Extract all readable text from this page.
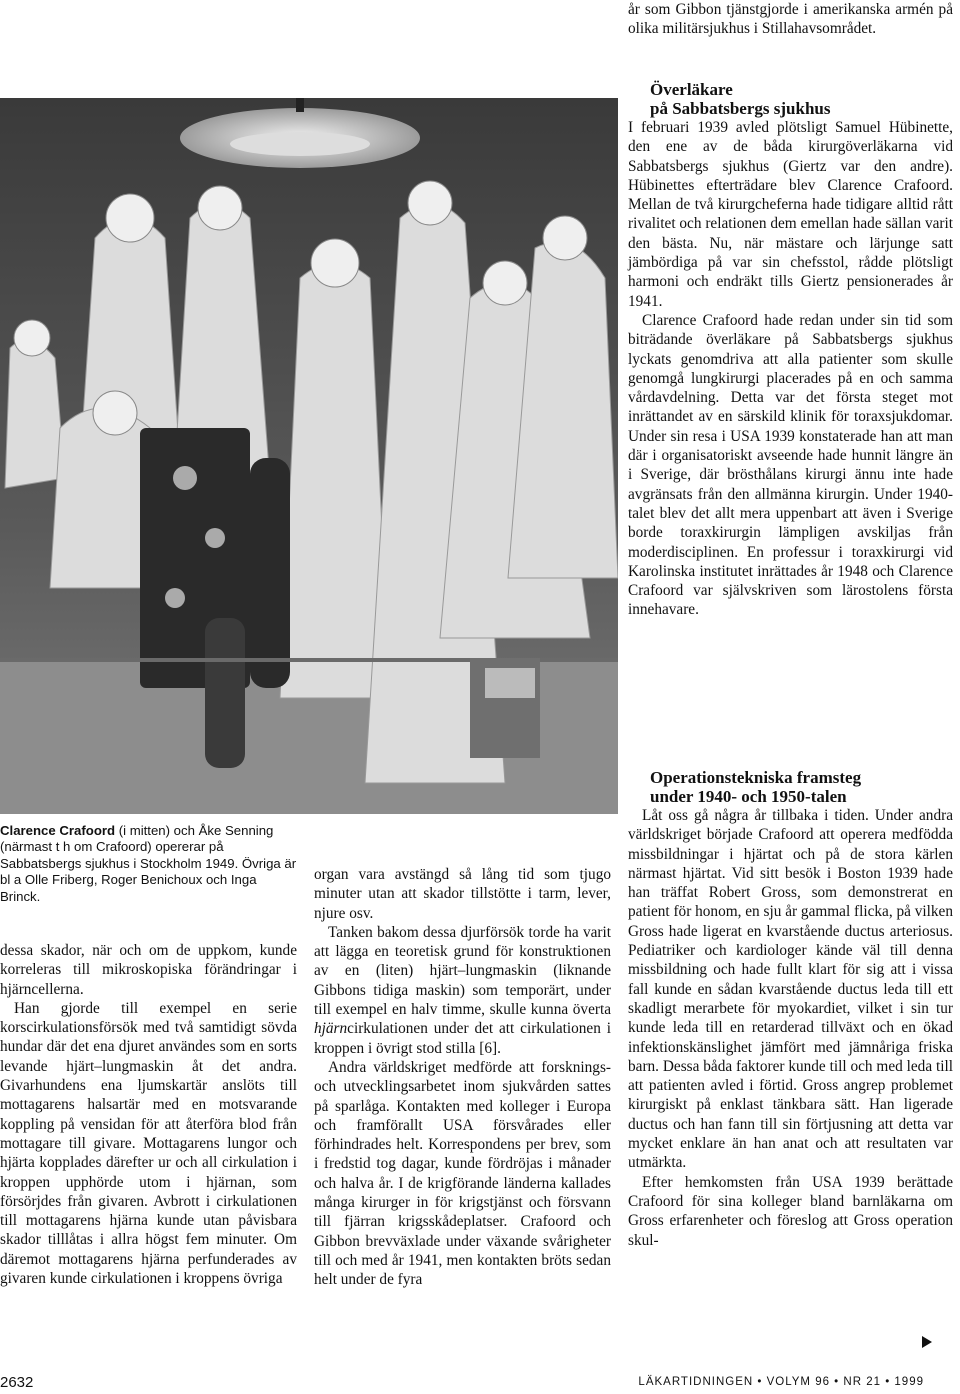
år som Gibbon tjänstgjorde i amerikanska armén på olika militärsjukhus i Stillahavsområdet.

Överläkare
på Sabbatsbergs sjukhus

I februari 1939 avled plötsligt Samuel Hübinette, den ene av de båda kirurgöverläkarna vid Sabbatsbergs sjukhus (Giertz var den andre). Hübinettes efterträdare blev Clarence Crafoord. Mellan de två kirurgcheferna hade tidigare alltid rått rivalitet och relationen dem emellan hade sällan varit den bästa. Nu, när mästare och lärjunge satt jämbördiga på var sin chefsstol, rådde plötsligt harmoni och endräkt tills Giertz pensionerades år 1941.

Clarence Crafoord hade redan under sin tid som biträdande överläkare på Sabbatsbergs sjukhus lyckats genomdriva att alla patienter som skulle genomgå lungkirurgi placerades på en och samma vårdavdelning. Detta var det första steget mot inrättandet av en särskild klinik för toraxsjukdomar. Under sin resa i USA 1939 konstaterade han att man där i organisatoriskt avseende hade hunnit längre än i Sverige, där brösthålans kirurgi ännu inte hade avgränsats från den allmänna kirurgin. Under 1940-talet blev det allt mera uppenbart att även i Sverige borde toraxkirurgin lämpligen avskiljas från moderdisciplinen. En professur i toraxkirurgi vid Karolinska institutet inrättades år 1948 och Clarence Crafoord var självskriven som lärostolens första innehavare.

Operationstekniska framsteg
under 1940- och 1950-talen

Låt oss gå några år tillbaka i tiden. Under andra världskriget började Crafoord att operera medfödda missbildningar i hjärtat och på de stora kärlen närmast hjärtat. Vid sitt besök i Boston 1939 hade han träffat Robert Gross, som demonstrerat en patient för honom, en sju år gammal flicka, på vilken Gross hade ligerat en kvarstående ductus arteriosus. Pediatriker och kardiologer kände väl till denna missbildning och hade fullt klart för sig att i vissa fall kunde en sådan kvarstående ductus leda till ett skadligt merarbete för myokardiet, vilket i sin tur kunde leda till en retarderad tillväxt och en ökad infektionskänslighet jämfört med jämnåriga friska barn. Dessa båda faktorer kunde till och med leda till att patienten avled i förtid. Gross angrep problemet kirurgiskt på enklast tänkbara sätt. Han ligerade ductus och han fann till sin förtjusning att detta var mycket enklare än han anat och att resultaten var utmärkta.

Efter hemkomsten från USA 1939 berättade Crafoord för sina kolleger bland barnläkarna om Gross erfarenheter och föreslog att Gross operation skul-

Clarence Crafoord (i mitten) och Åke Senning (närmast t h om Crafoord) opererar på Sabbatsbergs sjukhus i Stockholm 1949. Övriga är bl a Olle Friberg, Roger Benichoux och Inga Brinck.

dessa skador, när och om de uppkom, kunde korreleras till mikroskopiska förändringar i hjärncellerna.

Han gjorde till exempel en serie korscirkulationsförsök med två samtidigt sövda hundar där det ena djuret användes som en sorts levande hjärt–lungmaskin åt det andra. Givarhundens ena ljumskartär anslöts till mottagarens halsartär med en motsvarande koppling på vensidan för att återföra blod från mottagare till givare. Mottagarens lungor och hjärta kopplades därefter ur och all cirkulation i kroppen upphörde utom i hjärnan, som försörjdes från givaren. Avbrott i cirkulationen till mottagarens hjärna kunde utan påvisbara skador tilllåtas i allra högst fem minuter. Om däremot mottagarens hjärna perfunderades av givaren kunde cirkulationen i kroppens övriga

organ vara avstängd så lång tid som tjugo minuter utan att skador tillstötte i tarm, lever, njure osv.

Tanken bakom dessa djurförsök torde ha varit att lägga en teoretisk grund för konstruktionen av en (liten) hjärt–lungmaskin (liknande Gibbons tidiga maskin) som temporärt, under till exempel en halv timme, skulle kunna överta hjärncirkulationen under det att cirkulationen i kroppen i övrigt stod stilla [6].

Andra världskriget medförde att forsknings- och utvecklingsarbetet inom sjukvården sattes på sparlåga. Kontakten med kolleger i Europa och framförallt USA försvårades eller förhindrades helt. Korrespondens per brev, som i fredstid tog dagar, kunde fördröjas i månader och halva år. I de krigförande länderna kallades många kirurger in för krigstjänst och försvann till fjärran krigsskådeplatser. Crafoord och Gibbon brevväxlade under växande svårigheter till och med år 1941, men kontakten bröts sedan helt under de fyra

2632	LÄKARTIDNINGEN • VOLYM 96 • NR 21 • 1999
